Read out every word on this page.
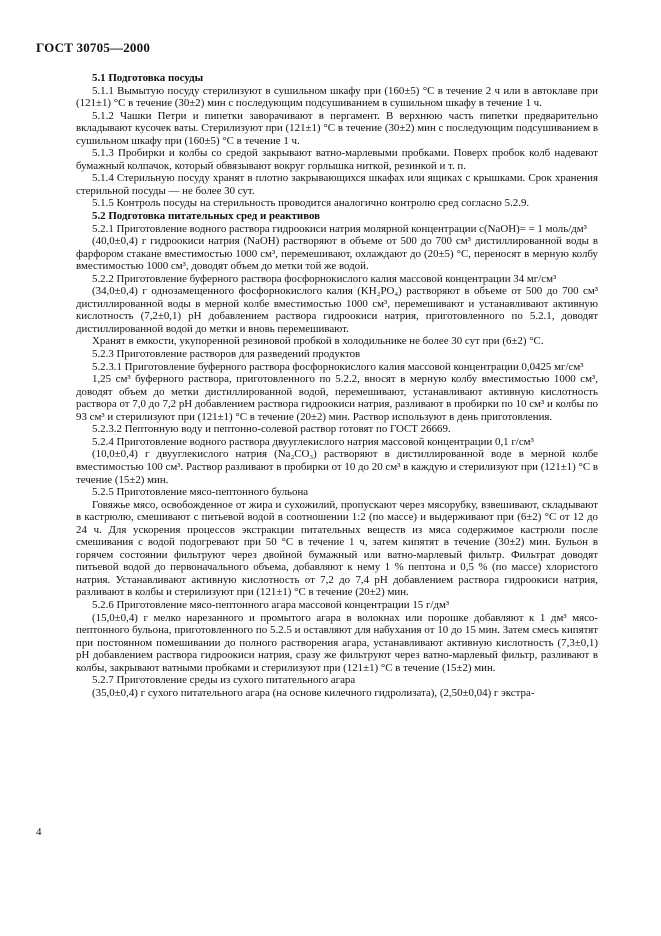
ГОСТ 30705—2000

5.1 Подготовка посуды

5.1.1 Вымытую посуду стерилизуют в сушильном шкафу при (160±5) °С в течение 2 ч или в автоклаве при (121±1) °С в течение (30±2) мин с последующим подсушиванием в сушильном шкафу в течение 1 ч.

5.1.2 Чашки Петри и пипетки заворачивают в пергамент. В верхнюю часть пипетки предварительно вкладывают кусочек ваты. Стерилизуют при (121±1) °С в течение (30±2) мин с последующим подсушиванием в сушильном шкафу при (160±5) °С в течение 1 ч.

5.1.3 Пробирки и колбы со средой закрывают ватно-марлевыми пробками. Поверх пробок колб надевают бумажный колпачок, который обвязывают вокруг горлышка ниткой, резинкой и т. п.

5.1.4 Стерильную посуду хранят в плотно закрывающихся шкафах или ящиках с крышками. Срок хранения стерильной посуды — не более 30 сут.

5.1.5 Контроль посуды на стерильность проводится аналогично контролю сред согласно 5.2.9.

5.2 Подготовка питательных сред и реактивов

5.2.1 Приготовление водного раствора гидроокиси натрия молярной концентрации c(NaOH)= = 1 моль/дм³

(40,0±0,4) г гидроокиси натрия (NaOH) растворяют в объеме от 500 до 700 см³ дистиллированной воды в фарфором стакане вместимостью 1000 см³, перемешивают, охлаждают до (20±5) °С, переносят в мерную колбу вместимостью 1000 см³, доводят объем до метки той же водой.

5.2.2 Приготовление буферного раствора фосфорнокислого калия массовой концентрации 34 мг/см³

(34,0±0,4) г однозамещенного фосфорнокислого калия (KH₂PO₄) растворяют в объеме от 500 до 700 см³ дистиллированной воды в мерной колбе вместимостью 1000 см³, перемешивают и устанавливают активную кислотность (7,2±0,1) рН добавлением раствора гидроокиси натрия, приготовленного по 5.2.1, доводят дистиллированной водой до метки и вновь перемешивают.

Хранят в емкости, укупоренной резиновой пробкой в холодильнике не более 30 сут при (6±2) °С.

5.2.3 Приготовление растворов для разведений продуктов

5.2.3.1 Приготовление буферного раствора фосфорнокислого калия массовой концентрации 0,0425 мг/см³

1,25 см³ буферного раствора, приготовленного по 5.2.2, вносят в мерную колбу вместимостью 1000 см³, доводят объем до метки дистиллированной водой, перемешивают, устанавливают активную кислотность раствора от 7,0 до 7,2 рН добавлением раствора гидроокиси натрия, разливают в пробирки по 10 см³ и колбы по 93 см³ и стерилизуют при (121±1) °С в течение (20±2) мин. Раствор используют в день приготовления.

5.2.3.2 Пептонную воду и пептонно-солевой раствор готовят по ГОСТ 26669.

5.2.4 Приготовление водного раствора двууглекислого натрия массовой концентрации 0,1 г/см³

(10,0±0,4) г двууглекислого натрия (Na₂CO₃) растворяют в дистиллированной воде в мерной колбе вместимостью 100 см³. Раствор разливают в пробирки от 10 до 20 см³ в каждую и стерилизуют при (121±1) °С в течение (15±2) мин.

5.2.5 Приготовление мясо-пептонного бульона

Говяжье мясо, освобожденное от жира и сухожилий, пропускают через мясорубку, взвешивают, складывают в кастрюлю, смешивают с питьевой водой в соотношении 1:2 (по массе) и выдерживают при (6±2) °С от 12 до 24 ч. Для ускорения процессов экстракции питательных веществ из мяса содержимое кастрюли после смешивания с водой подогревают при 50 °С в течение 1 ч, затем кипятят в течение (30±2) мин. Бульон в горячем состоянии фильтруют через двойной бумажный или ватно-марлевый фильтр. Фильтрат доводят питьевой водой до первоначального объема, добавляют к нему 1 % пептона и 0,5 % (по массе) хлористого натрия. Устанавливают активную кислотность от 7,2 до 7,4 рН добавлением раствора гидроокиси натрия, разливают в колбы и стерилизуют при (121±1) °С в течение (20±2) мин.

5.2.6 Приготовление мясо-пептонного агара массовой концентрации 15 г/дм³

(15,0±0,4) г мелко нарезанного и промытого агара в волокнах или порошке добавляют к 1 дм³ мясо-пептонного бульона, приготовленного по 5.2.5 и оставляют для набухания от 10 до 15 мин. Затем смесь кипятят при постоянном помешивании до полного растворения агара, устанавливают активную кислотность (7,3±0,1) рН добавлением раствора гидроокиси натрия, сразу же фильтруют через ватно-марлевый фильтр, разливают в колбы, закрывают ватными пробками и стерилизуют при (121±1) °С в течение (15±2) мин.

5.2.7 Приготовление среды из сухого питательного агара

(35,0±0,4) г сухого питательного агара (на основе килечного гидролизата), (2,50±0,04) г экстра-

4
